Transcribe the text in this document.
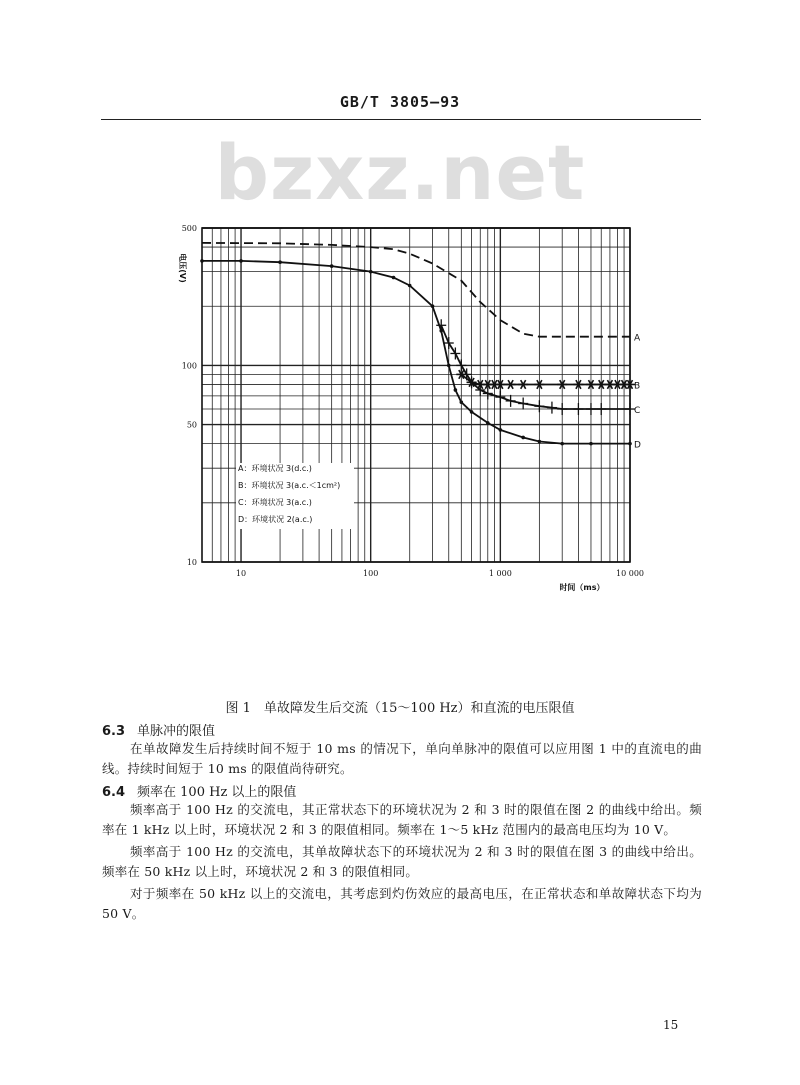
GB/T 3805—93
bzxz.net
10	100	1 000	10 000
10
50
100
500
时间（ms）
电压(V)
A
B
C
D
A：环境状况 3(d.c.)
B：环境状况 3(a.c.＜1cm²)
C：环境状况 3(a.c.)
D：环境状况 2(a.c.)
图 1　单故障发生后交流（15～100 Hz）和直流的电压限值
6.3 单脉冲的限值
在单故障发生后持续时间不短于 10 ms 的情况下，单向单脉冲的限值可以应用图 1 中的直流电的曲线。持续时间短于 10 ms 的限值尚待研究。
6.4 频率在 100 Hz 以上的限值
频率高于 100 Hz 的交流电，其正常状态下的环境状况为 2 和 3 时的限值在图 2 的曲线中给出。频率在 1 kHz 以上时，环境状况 2 和 3 的限值相同。频率在 1～5 kHz 范围内的最高电压均为 10 V。
频率高于 100 Hz 的交流电，其单故障状态下的环境状况为 2 和 3 时的限值在图 3 的曲线中给出。频率在 50 kHz 以上时，环境状况 2 和 3 的限值相同。
对于频率在 50 kHz 以上的交流电，其考虑到灼伤效应的最高电压，在正常状态和单故障状态下均为 50 V。
15
